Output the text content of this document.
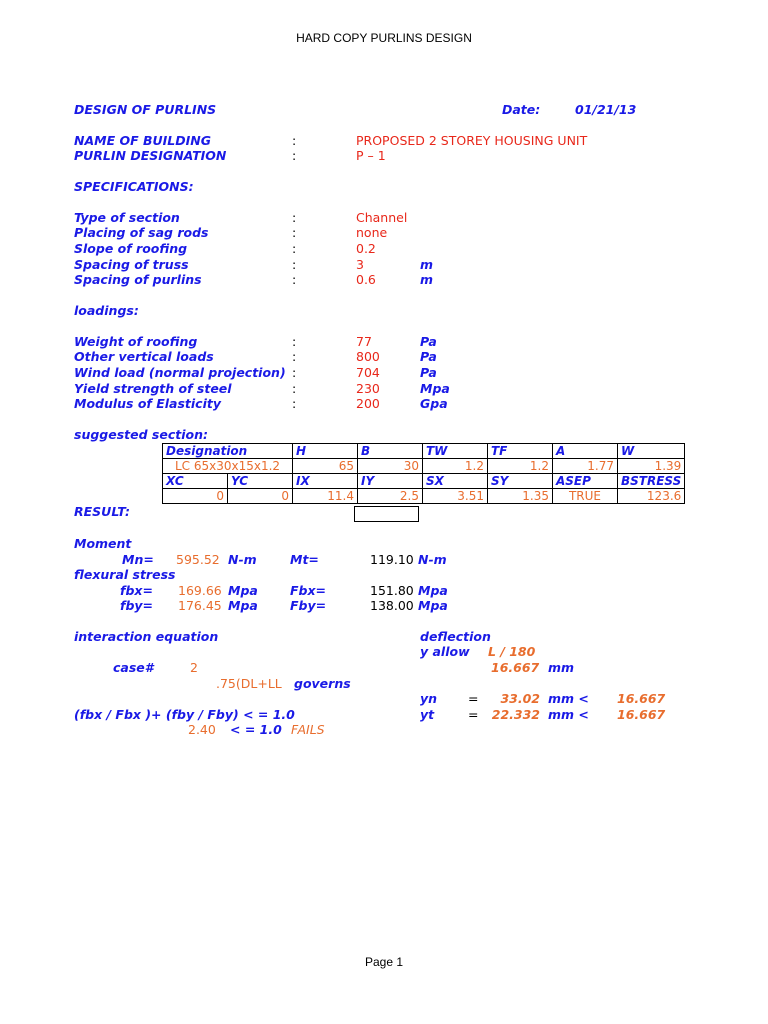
HARD COPY PURLINS DESIGN
DESIGN OF PURLINS	Date:	01/21/13
NAME OF BUILDING	:	PROPOSED 2 STOREY HOUSING UNIT
PURLIN DESIGNATION	:	P – 1
SPECIFICATIONS:
Type of section	:	Channel
Placing of sag rods	:	none
Slope of roofing	:	0.2
Spacing of truss	:	3	m
Spacing of purlins	:	0.6	m
loadings:
Weight of roofing	:	77	Pa
Other vertical loads	:	800	Pa
Wind load (normal projection) :	704	Pa
Yield strength of steel	:	230	Mpa
Modulus of Elasticity	:	200	Gpa
suggested section:
Designation		H	B	TW	TF	A	W
LC 65x30x15x1.2		65	30	1.2	1.2	1.77	1.39
XC	YC	IX	IY	SX	SY	ASEP	BSTRESS
0	0	11.4	2.5	3.51	1.35	TRUE	123.6
RESULT:
Moment
Mn= 595.52 N-m	Mt=	119.10 N-m
flexural stress
fbx= 169.66 Mpa	Fbx=	151.80 Mpa
fby= 176.45 Mpa	Fby=	138.00 Mpa
interaction equation
case#	2
.75(DL+LL governs
(fbx / Fbx )+ (fby / Fby) < = 1.0
2.40 < = 1.0 FAILS
deflection
y allow L / 180
16.667 mm
yn =	33.02 mm < 16.667
yt	=	22.332 mm < 16.667
Page 1
